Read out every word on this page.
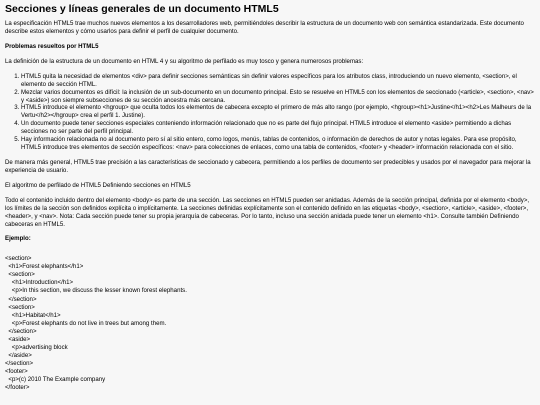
Secciones y líneas generales de un documento HTML5

La especificación HTML5 trae muchos nuevos elementos a los desarrolladores web, permitiéndoles describir la estructura de un documento web con semántica estandarizada. Este documento describe estos elementos y cómo usarlos para definir el perfil de cualquier documento.

Problemas resueltos por HTML5

La definición de la estructura de un documento en HTML 4 y su algoritmo de perfilado es muy tosco y genera numerosos problemas:

1. HTML5 quita la necesidad de elementos <div> para definir secciones semánticas sin definir valores específicos para los atributos class, introduciendo un nuevo elemento, <section>, el elemento de sección HTML.
2. Mezclar varios documentos es difícil: la inclusión de un sub-documento en un documento principal. Esto se resuelve en HTML5 con los elementos de seccionado (<article>, <section>, <nav> y <aside>) son siempre subsecciones de su sección ancestra más cercana.
3. HTML5 introduce el elemento <hgroup> que oculta todos los elementos de cabecera excepto el primero de más alto rango (por ejemplo, <hgroup><h1>Justine</h1><h2>Les Malheurs de la Vertu</h2></hgroup> crea el perfil 1. Justine).
4. Un documento puede tener secciones especiales conteniendo información relacionado que no es parte del flujo principal. HTML5 introduce el elemento <aside> permitiendo a dichas secciones no ser parte del perfil principal.
5. Hay información relacionada no al documento pero sí al sitio entero, como logos, menús, tablas de contenidos, o información de derechos de autor y notas legales. Para ese propósito, HTML5 introduce tres elementos de sección específicos: <nav> para colecciones de enlaces, como una tabla de contenidos, <footer> y <header> información relacionada con el sitio.

De manera más general, HTML5 trae precisión a las características de seccionado y cabecera, permitiendo a los perfiles de documento ser predecibles y usados por el navegador para mejorar la experiencia de usuario.

El algoritmo de perfilado de HTML5 Definiendo secciones en HTML5

Todo el contenido incluido dentro del elemento <body> es parte de una sección. Las secciones en HTML5 pueden ser anidadas. Además de la sección principal, definida por el elemento <body>, los límites de la sección son definidos explícita o implícitamente. La secciones definidas explícitamente son el contenido definido en las etiquetas <body>, <section>, <article>, <aside>, <footer>, <header>, y <nav>. Nota: Cada sección puede tener su propia jerarquía de cabeceras. Por lo tanto, incluso una sección anidada puede tener un elemento <h1>. Consulte también Definiendo cabeceras en HTML5.

Ejemplo:

<section>
<h1>Forest elephants</h1>
<section>
<h1>Introduction</h1>
<p>In this section, we discuss the lesser known forest elephants.
</section>
<section>
<h1>Habitat</h1>
<p>Forest elephants do not live in trees but among them.
</section>
<aside>
<p>advertising block
</aside>
</section>
<footer>
<p>(c) 2010 The Example company
</footer>
